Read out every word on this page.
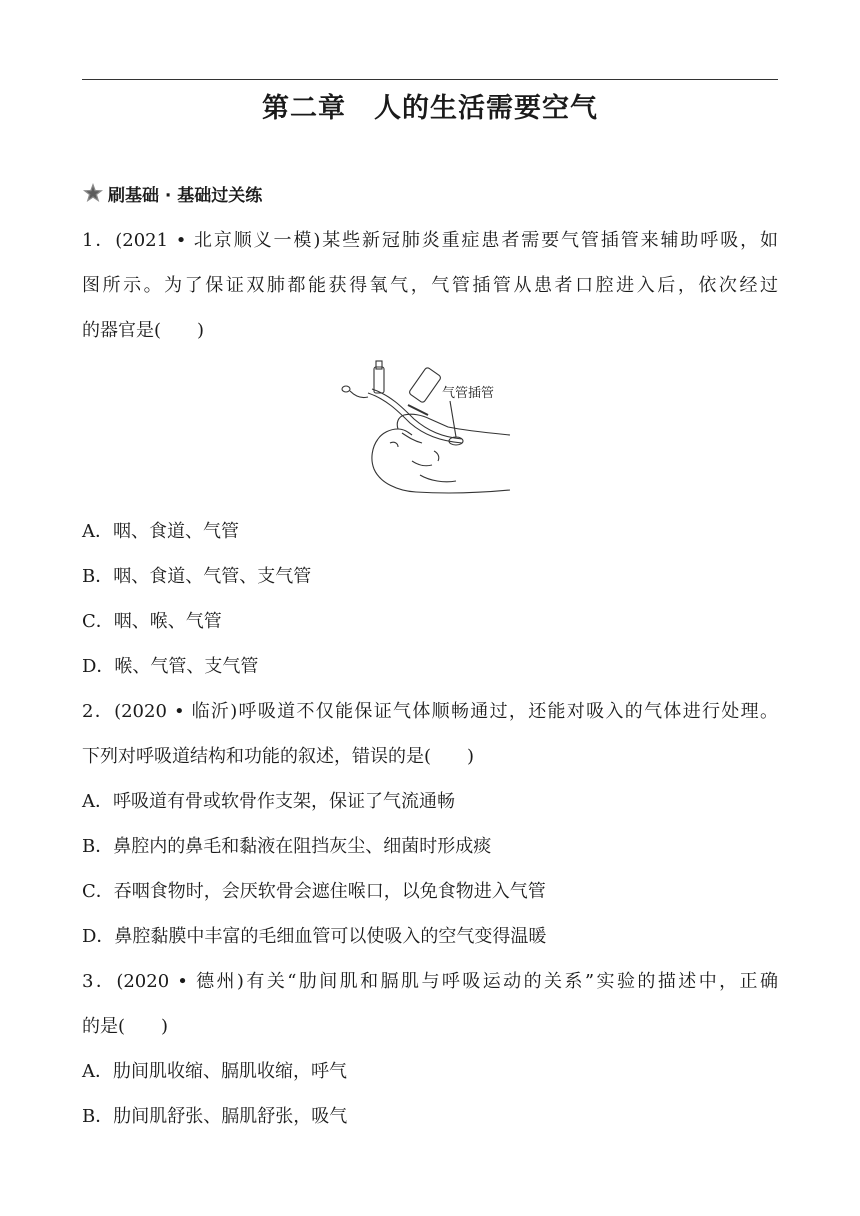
第二章　人的生活需要空气
刷基础 · 基础过关练
1．(2021 • 北京顺义一模)某些新冠肺炎重症患者需要气管插管来辅助呼吸，如
图所示。为了保证双肺都能获得氧气，气管插管从患者口腔进入后，依次经过
的器官是(　　)
气管插管
A．咽、食道、气管
B．咽、食道、气管、支气管
C．咽、喉、气管
D．喉、气管、支气管
2．(2020 • 临沂)呼吸道不仅能保证气体顺畅通过，还能对吸入的气体进行处理。
下列对呼吸道结构和功能的叙述，错误的是(　　)
A．呼吸道有骨或软骨作支架，保证了气流通畅
B．鼻腔内的鼻毛和黏液在阻挡灰尘、细菌时形成痰
C．吞咽食物时，会厌软骨会遮住喉口，以免食物进入气管
D．鼻腔黏膜中丰富的毛细血管可以使吸入的空气变得温暖
3．(2020 • 德州)有关“肋间肌和膈肌与呼吸运动的关系”实验的描述中，正确
的是(　　)
A．肋间肌收缩、膈肌收缩，呼气
B．肋间肌舒张、膈肌舒张，吸气
